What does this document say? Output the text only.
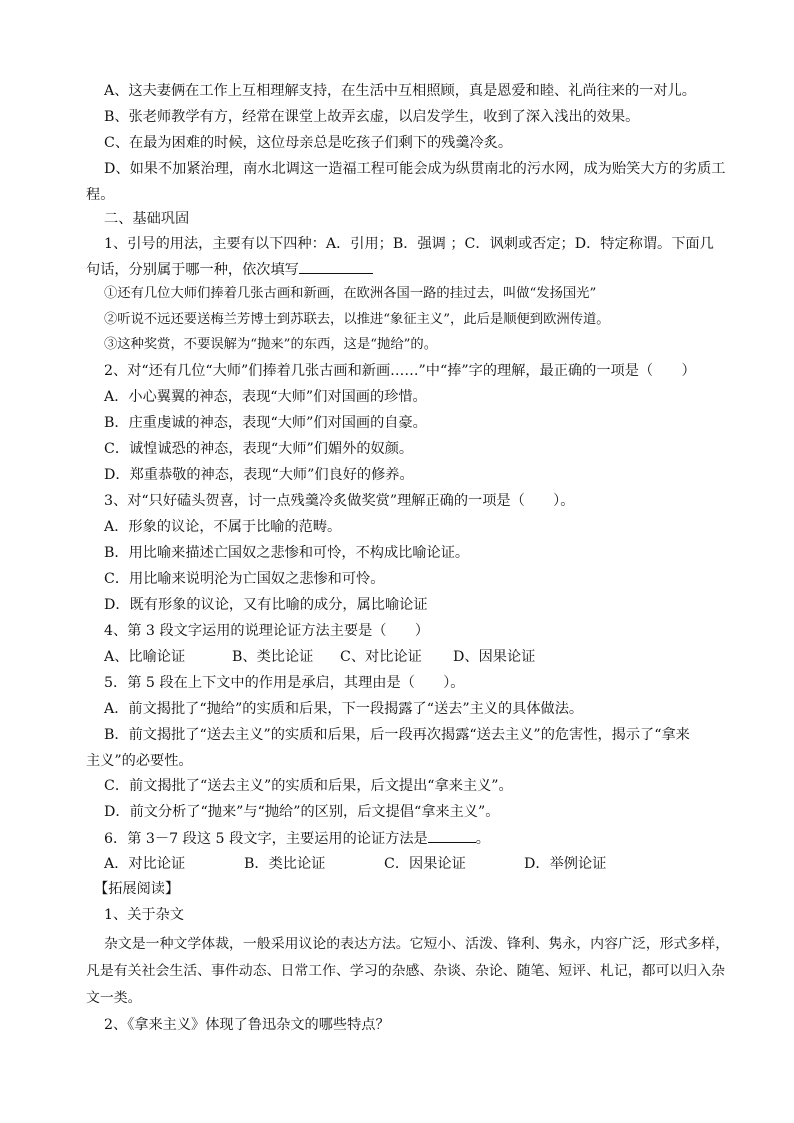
A、这夫妻俩在工作上互相理解支持，在生活中互相照顾，真是恩爱和睦、礼尚往来的一对儿。
B、张老师教学有方，经常在课堂上故弄玄虚，以启发学生，收到了深入浅出的效果。
C、在最为困难的时候，这位母亲总是吃孩子们剩下的残羹冷炙。
D、如果不加紧治理，南水北调这一造福工程可能会成为纵贯南北的污水网，成为贻笑大方的劣质工
程。
二、基础巩固
1、引号的用法，主要有以下四种：A．引用；B．强调 ；C．讽刺或否定；D．特定称谓。下面几
句话，分别属于哪一种，依次填写
①还有几位大师们捧着几张古画和新画，在欧洲各国一路的挂过去，叫做“发扬国光”
②听说不远还要送梅兰芳博士到苏联去，以推进“象征主义”，此后是顺便到欧洲传道。
③这种奖赏，不要误解为“抛来”的东西，这是“抛给”的。
2、对“还有几位“大师”们捧着几张古画和新画……”中“捧”字的理解，最正确的一项是（　　）
A．小心翼翼的神态，表现“大师”们对国画的珍惜。
B．庄重虔诚的神态，表现“大师”们对国画的自豪。
C．诚惶诚恐的神态，表现“大师”们媚外的奴颜。
D．郑重恭敬的神态，表现“大师”们良好的修养。
3、对“只好磕头贺喜，讨一点残羹冷炙做奖赏”理解正确的一项是（　　）。
A．形象的议论，不属于比喻的范畴。
B．用比喻来描述亡国奴之悲惨和可怜，不构成比喻论证。
C．用比喻来说明沦为亡国奴之悲惨和可怜。
D．既有形象的议论，又有比喻的成分，属比喻论证
4、第 3 段文字运用的说理论证方法主要是（　　）
A、比喻论证	B、类比论证 C、对比论证 D、因果论证
5．第 5 段在上下文中的作用是承启，其理由是（　　）。
A．前文揭批了“抛给”的实质和后果，下一段揭露了“送去”主义的具体做法。
B．前文揭批了“送去主义”的实质和后果，后一段再次揭露“送去主义”的危害性，揭示了“拿来
主义”的必要性。
C．前文揭批了“送去主义”的实质和后果，后文提出“拿来主义”。
D．前文分析了“抛来”与“抛给”的区别，后文提倡“拿来主义”。
6．第 3－7 段这 5 段文字，主要运用的论证方法是	。
A．对比论证	B．类比论证	C．因果论证	D．举例论证
【拓展阅读】
1、关于杂文
杂文是一种文学体裁，一般采用议论的表达方法。它短小、活泼、锋利、隽永，内容广泛，形式多样，
凡是有关社会生活、事件动态、日常工作、学习的杂感、杂谈、杂论、随笔、短评、札记，都可以归入杂
文一类。
2、《拿来主义》体现了鲁迅杂文的哪些特点？
